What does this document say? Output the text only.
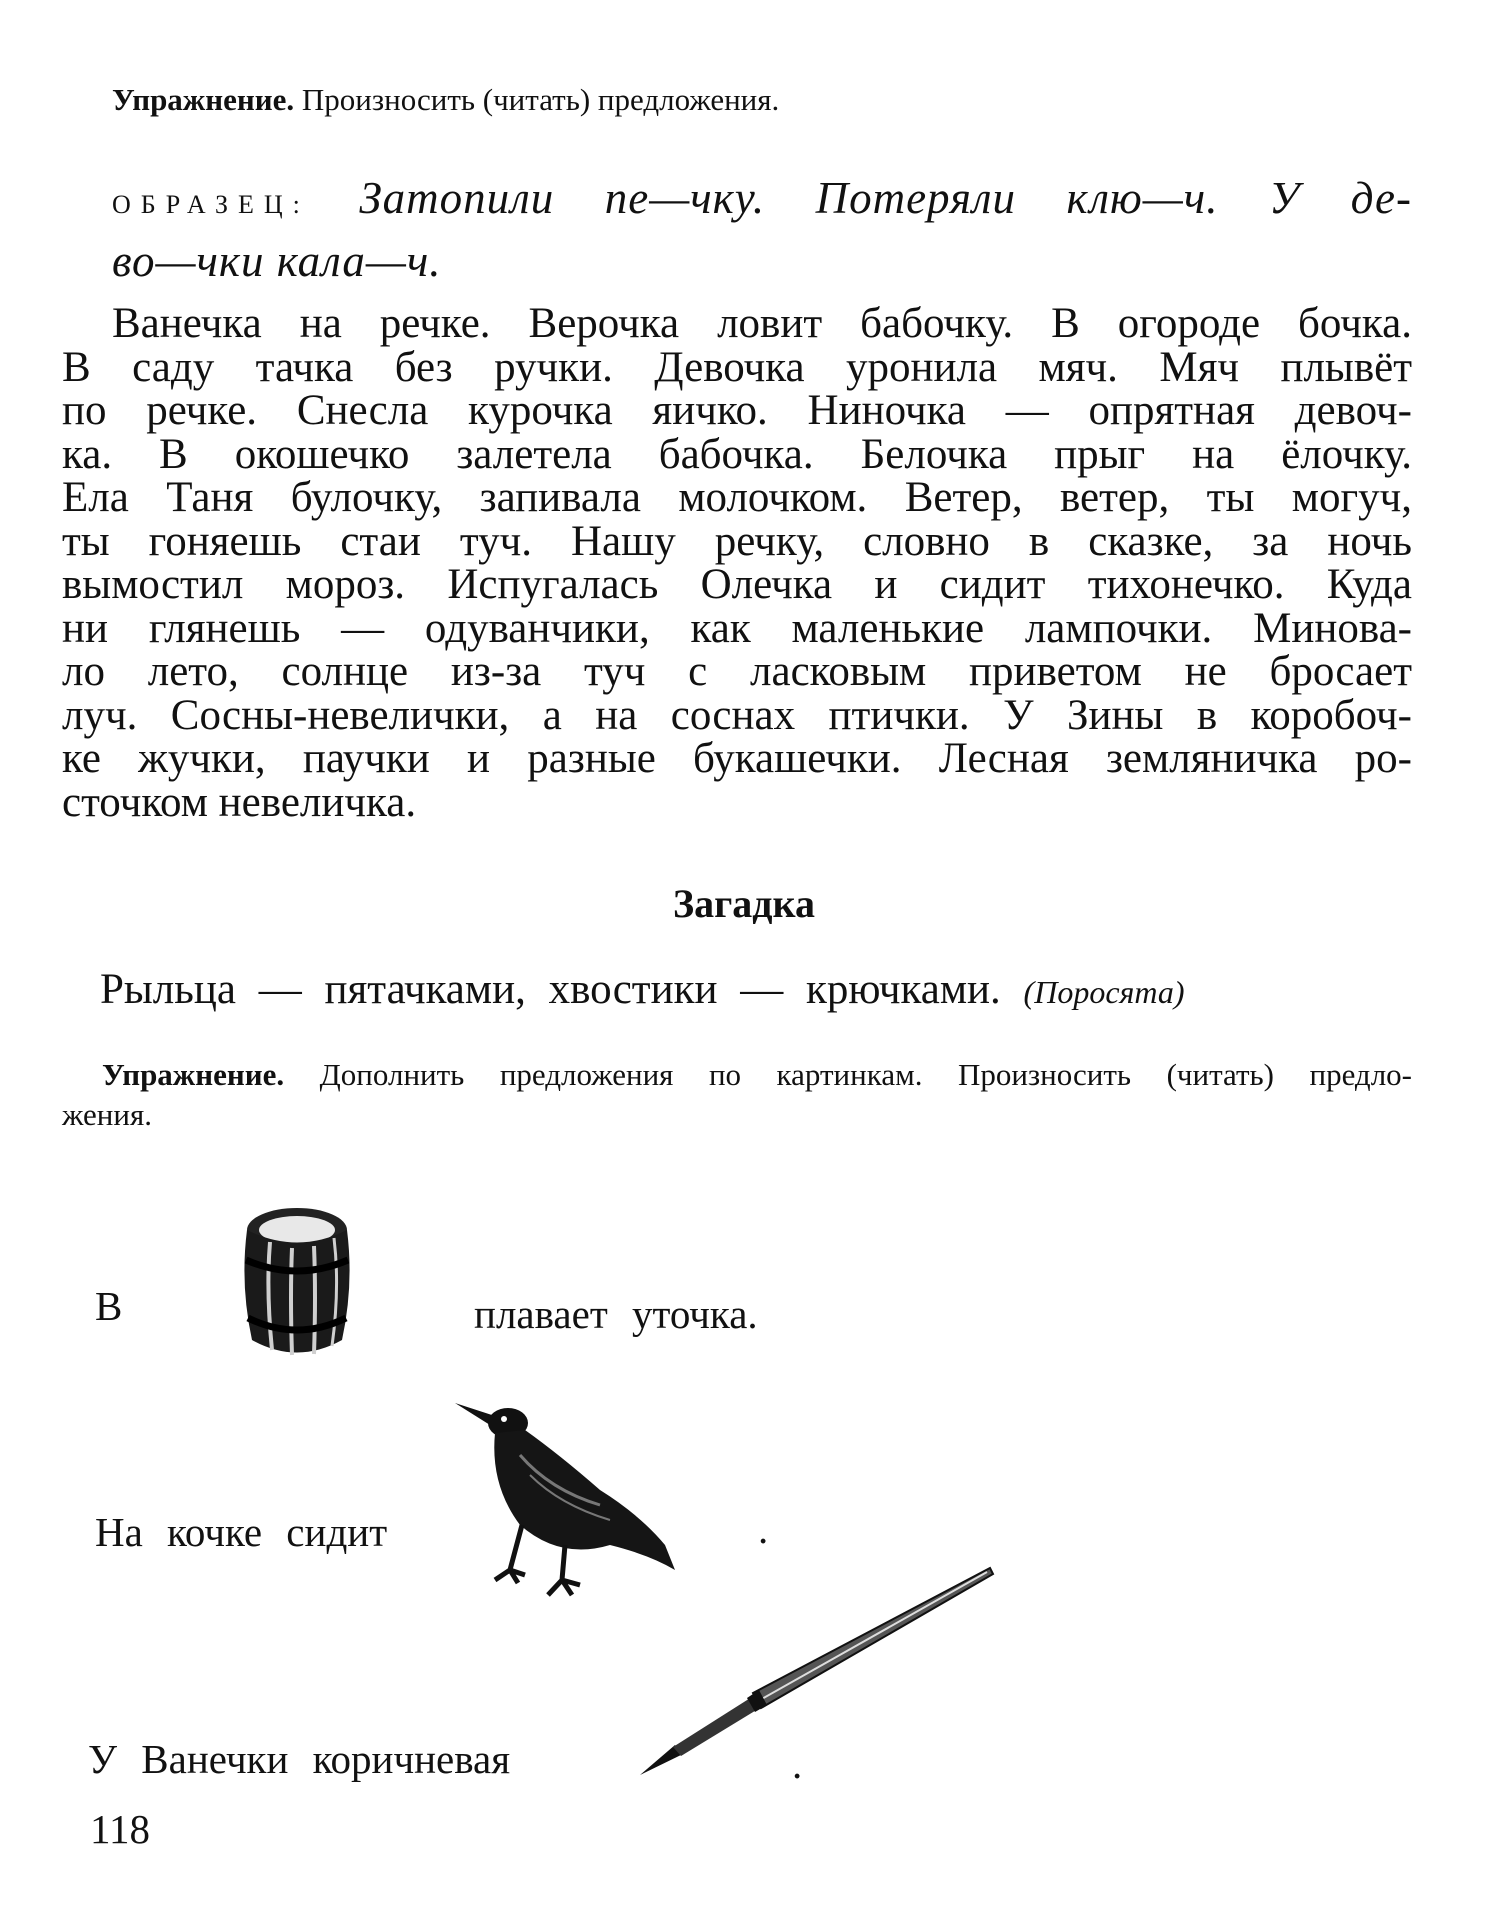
Упражнение. Произносить (читать) предложения.
ОБРАЗЕЦ: Затопили пе—чку. Потеряли клю—ч. У де-
во—чки кала—ч.
Ванечка на речке. Верочка ловит бабочку. В огороде бочка.
В саду тачка без ручки. Девочка уронила мяч. Мяч плывёт
по речке. Снесла курочка яичко. Ниночка — опрятная девоч-
ка. В окошечко залетела бабочка. Белочка прыг на ёлочку.
Ела Таня булочку, запивала молочком. Ветер, ветер, ты могуч,
ты гоняешь стаи туч. Нашу речку, словно в сказке, за ночь
вымостил мороз. Испугалась Олечка и сидит тихонечко. Куда
ни глянешь — одуванчики, как маленькие лампочки. Минова-
ло лето, солнце из-за туч с ласковым приветом не бросает
луч. Сосны-невелички, а на соснах птички. У Зины в коробоч-
ке жучки, паучки и разные букашечки. Лесная земляничка ро-
сточком невеличка.
Загадка
Рыльца — пятачками, хвостики — крючками. (Поросята)
Упражнение. Дополнить предложения по картинкам. Произносить (читать) предло-
жения.
В	плавает уточка.
На кочке сидит	.
У Ванечки коричневая	.
118
